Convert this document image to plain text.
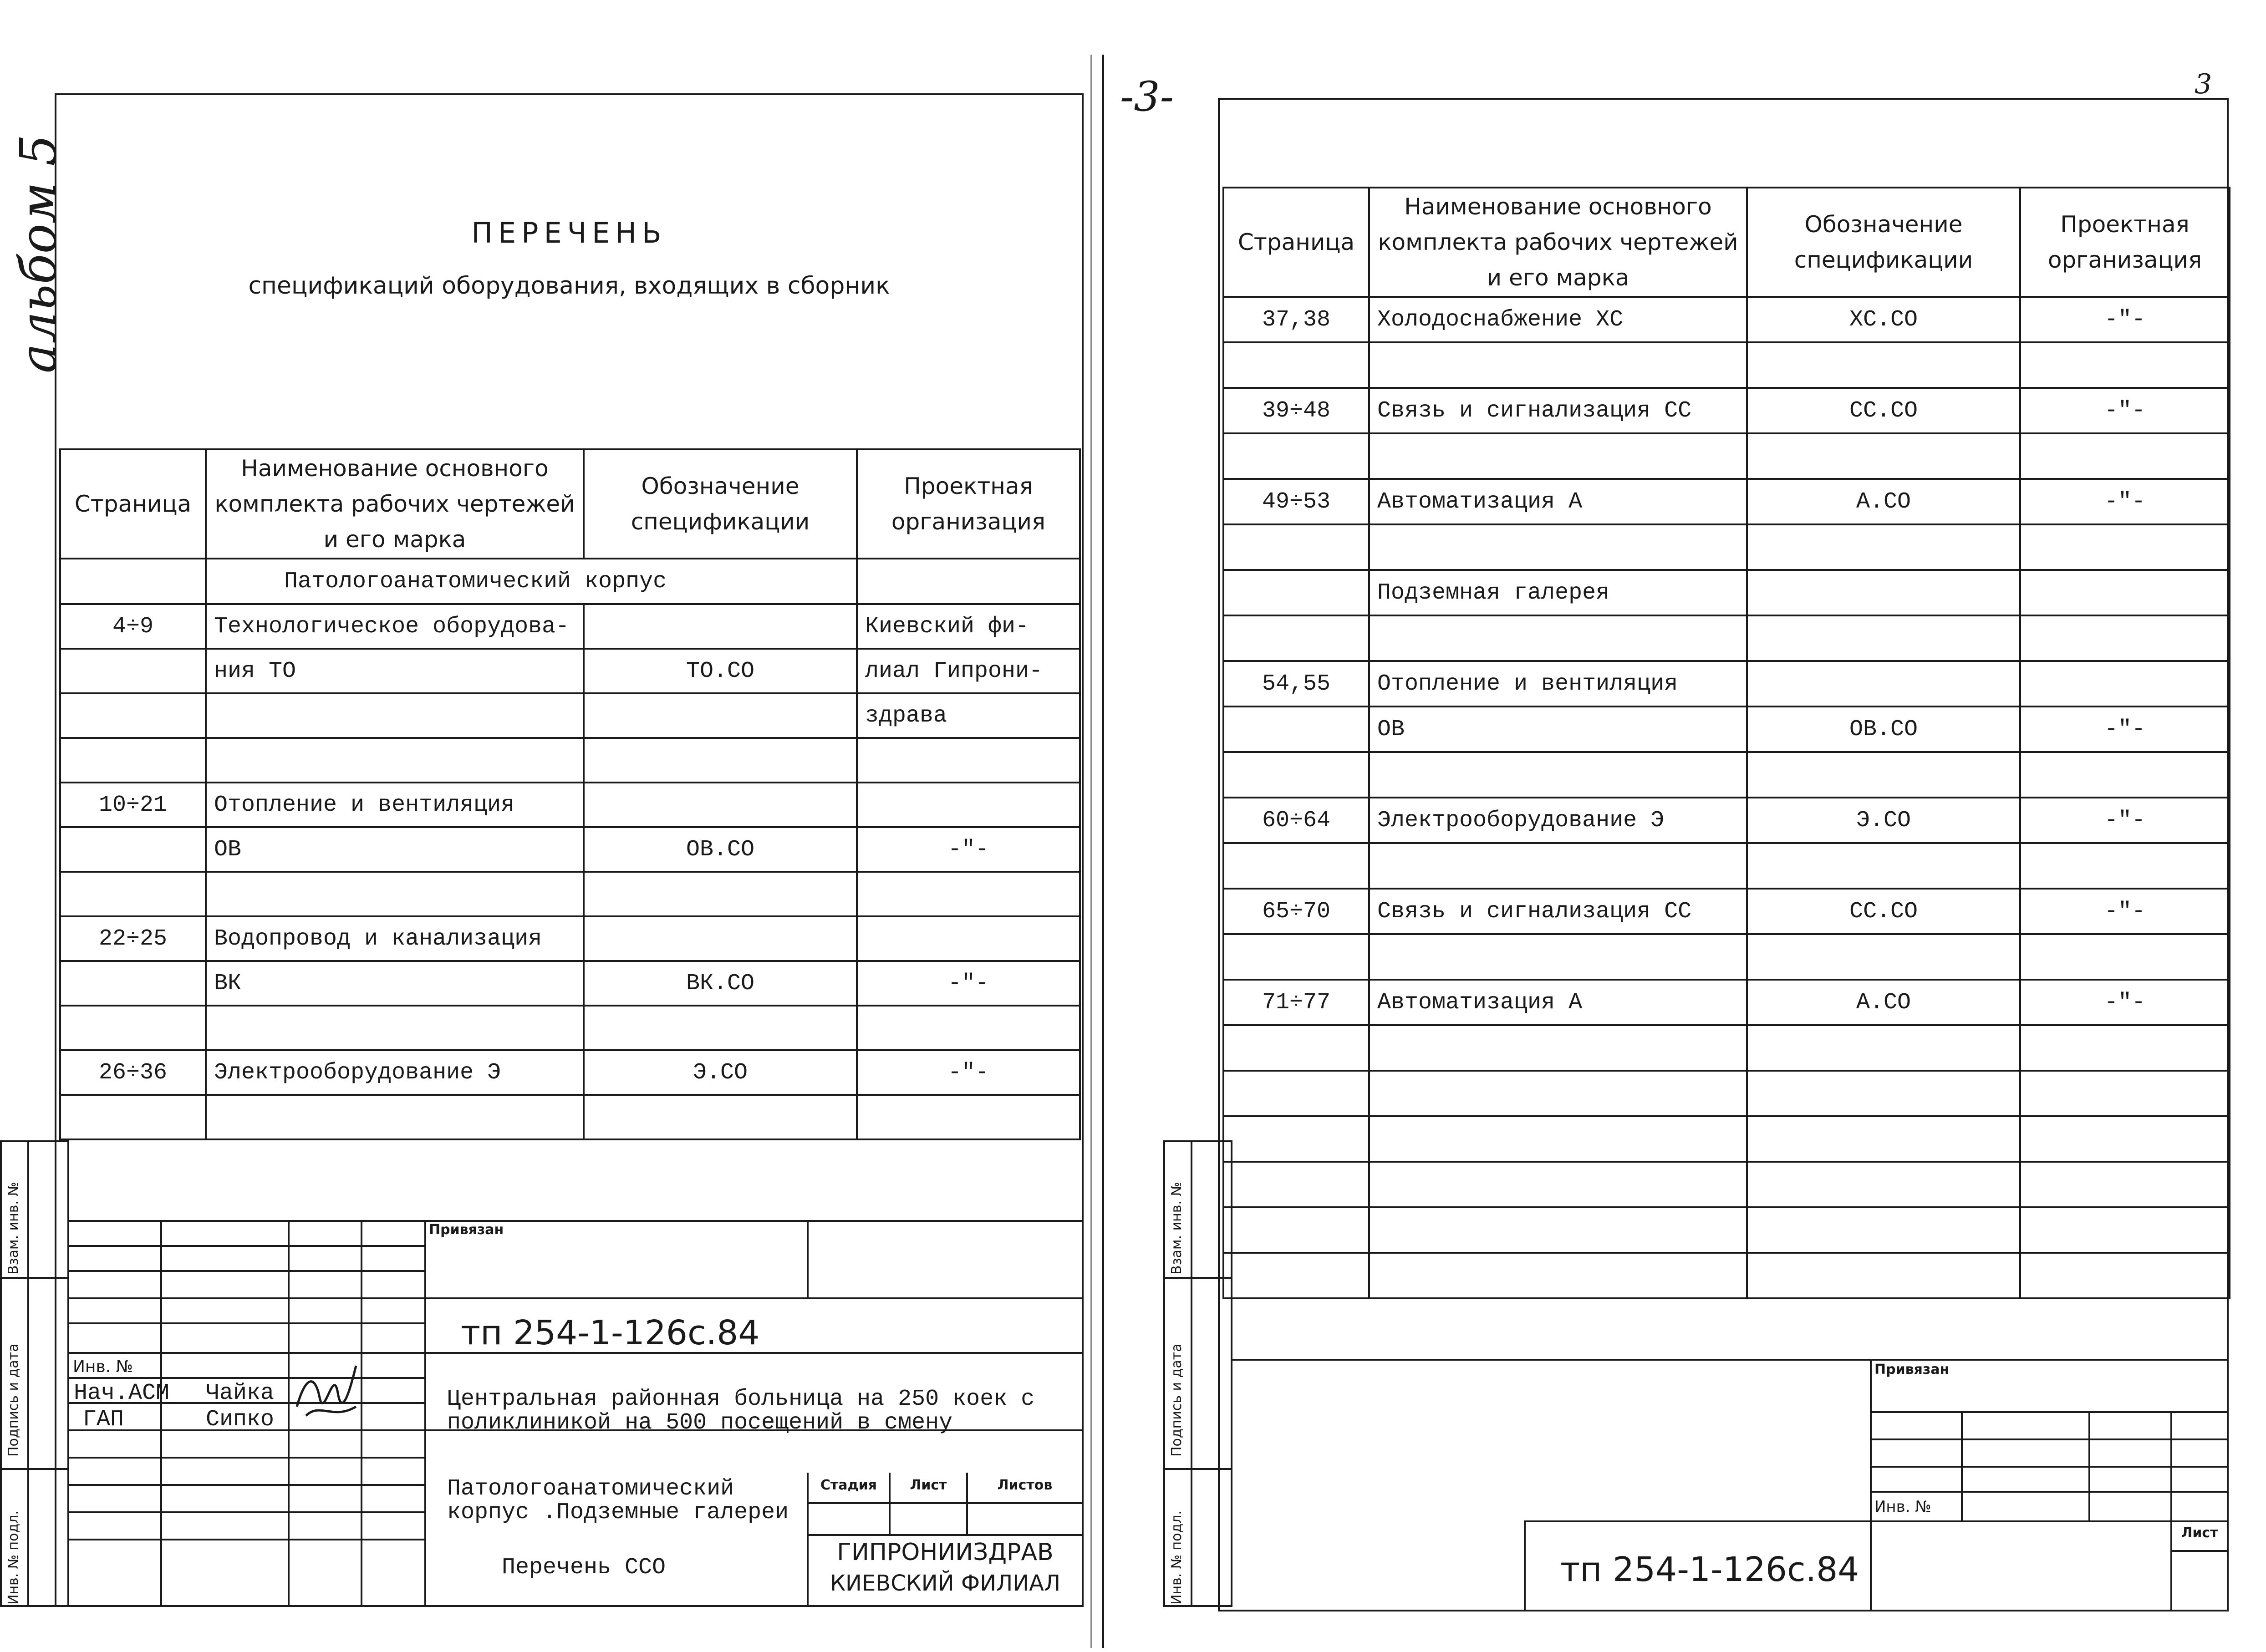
альбом 5
-3-
ПЕРЕЧЕНЬ
спецификаций оборудования, входящих в сборник
Страница	Наименование основного комплекта рабочих чертежей и его марка	Обозначение спецификации	Проектная организация
	Патологоанатомический корпус		
4÷9	Технологическое оборудова-		Киевский фи-
	ния ТО	ТО.СО	лиал Гипрони-
			здрава

10÷21	Отопление и вентиляция		
	ОВ	ОВ.СО	-"-

22÷25	Водопровод и канализация		
	ВК	ВК.СО	-"-

26÷36	Электрооборудование Э	Э.СО	-"-

Взам. инв. №
Подпись и дата
Инв. № подл.
Привязан
тп 254-1-126с.84
Инв. №
Нач.АСМ Чайка
ГАП	Сипко
Центральная районная больница на 250 коек с поликлиникой на 500 посещений в смену
Патологоанатомический корпус .Подземные галереи
Перечень ССО
Стадия	Лист	Листов
ГИПРОНИИЗДРАВ
КИЕВСКИЙ ФИЛИАЛ
3
Страница	Наименование основного комплекта рабочих чертежей и его марка	Обозначение спецификации	Проектная организация
37,38	Холодоснабжение ХС	ХС.СО	-"-

39÷48	Связь и сигнализация СС	СС.СО	-"-

49÷53	Автоматизация А	А.СО	-"-

	Подземная галерея		

54,55	Отопление и вентиляция		
	ОВ	ОВ.СО	-"-

60÷64	Электрооборудование Э	Э.СО	-"-

65÷70	Связь и сигнализация СС	СС.СО	-"-

71÷77	Автоматизация А	А.СО	-"-

Взам. инв. №
Подпись и дата
Инв. № подл.
Привязан
Инв. №
тп 254-1-126с.84
Лист
